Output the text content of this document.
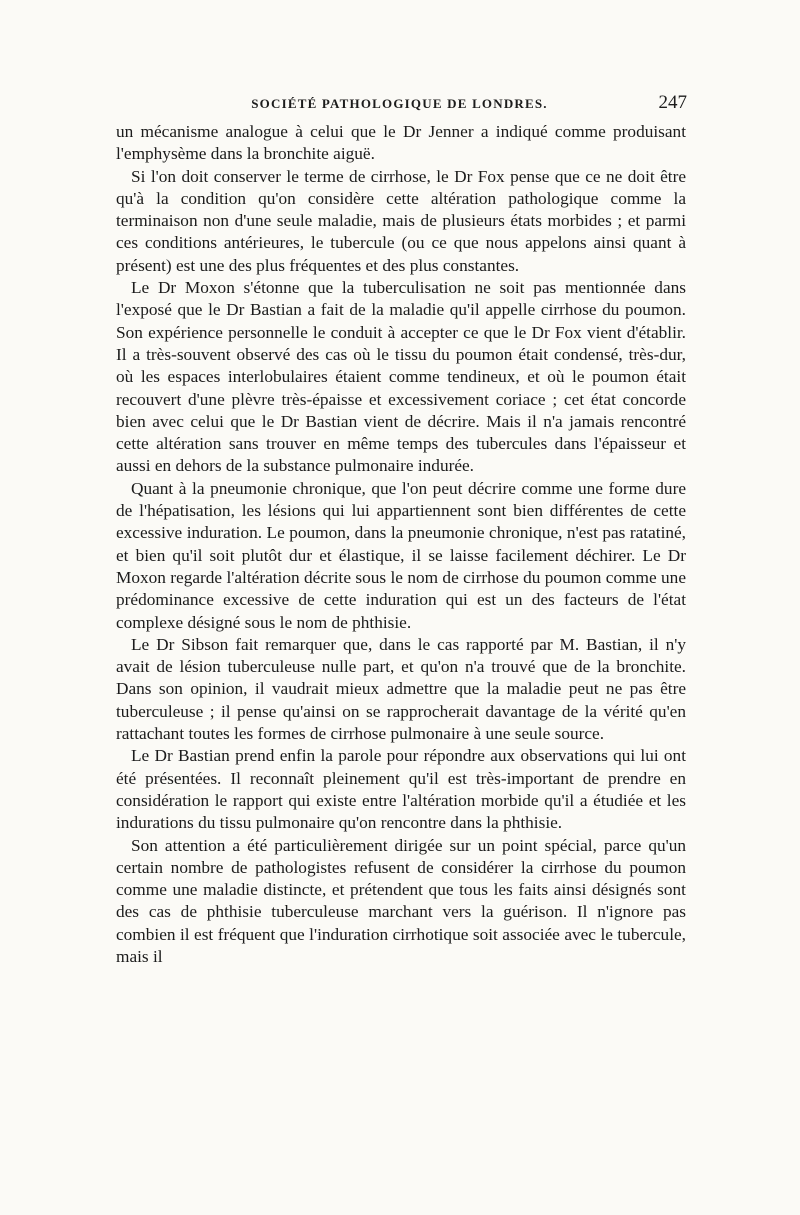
SOCIÉTÉ PATHOLOGIQUE DE LONDRES.	247

un mécanisme analogue à celui que le Dr Jenner a indiqué comme produisant l'emphysème dans la bronchite aiguë.

Si l'on doit conserver le terme de cirrhose, le Dr Fox pense que ce ne doit être qu'à la condition qu'on considère cette altération pathologique comme la terminaison non d'une seule maladie, mais de plusieurs états morbides ; et parmi ces conditions antérieures, le tubercule (ou ce que nous appelons ainsi quant à présent) est une des plus fréquentes et des plus constantes.

Le Dr Moxon s'étonne que la tuberculisation ne soit pas mentionnée dans l'exposé que le Dr Bastian a fait de la maladie qu'il appelle cirrhose du poumon. Son expérience personnelle le conduit à accepter ce que le Dr Fox vient d'établir. Il a très-souvent observé des cas où le tissu du poumon était condensé, très-dur, où les espaces interlobulaires étaient comme tendineux, et où le poumon était recouvert d'une plèvre très-épaisse et excessivement coriace ; cet état concorde bien avec celui que le Dr Bastian vient de décrire. Mais il n'a jamais rencontré cette altération sans trouver en même temps des tubercules dans l'épaisseur et aussi en dehors de la substance pulmonaire indurée.

Quant à la pneumonie chronique, que l'on peut décrire comme une forme dure de l'hépatisation, les lésions qui lui appartiennent sont bien différentes de cette excessive induration. Le poumon, dans la pneumonie chronique, n'est pas ratatiné, et bien qu'il soit plutôt dur et élastique, il se laisse facilement déchirer. Le Dr Moxon regarde l'altération décrite sous le nom de cirrhose du poumon comme une prédominance excessive de cette induration qui est un des facteurs de l'état complexe désigné sous le nom de phthisie.

Le Dr Sibson fait remarquer que, dans le cas rapporté par M. Bastian, il n'y avait de lésion tuberculeuse nulle part, et qu'on n'a trouvé que de la bronchite. Dans son opinion, il vaudrait mieux admettre que la maladie peut ne pas être tuberculeuse ; il pense qu'ainsi on se rapprocherait davantage de la vérité qu'en rattachant toutes les formes de cirrhose pulmonaire à une seule source.

Le Dr Bastian prend enfin la parole pour répondre aux observations qui lui ont été présentées. Il reconnaît pleinement qu'il est très-important de prendre en considération le rapport qui existe entre l'altération morbide qu'il a étudiée et les indurations du tissu pulmonaire qu'on rencontre dans la phthisie.

Son attention a été particulièrement dirigée sur un point spécial, parce qu'un certain nombre de pathologistes refusent de considérer la cirrhose du poumon comme une maladie distincte, et prétendent que tous les faits ainsi désignés sont des cas de phthisie tuberculeuse marchant vers la guérison. Il n'ignore pas combien il est fréquent que l'induration cirrhotique soit associée avec le tubercule, mais il
